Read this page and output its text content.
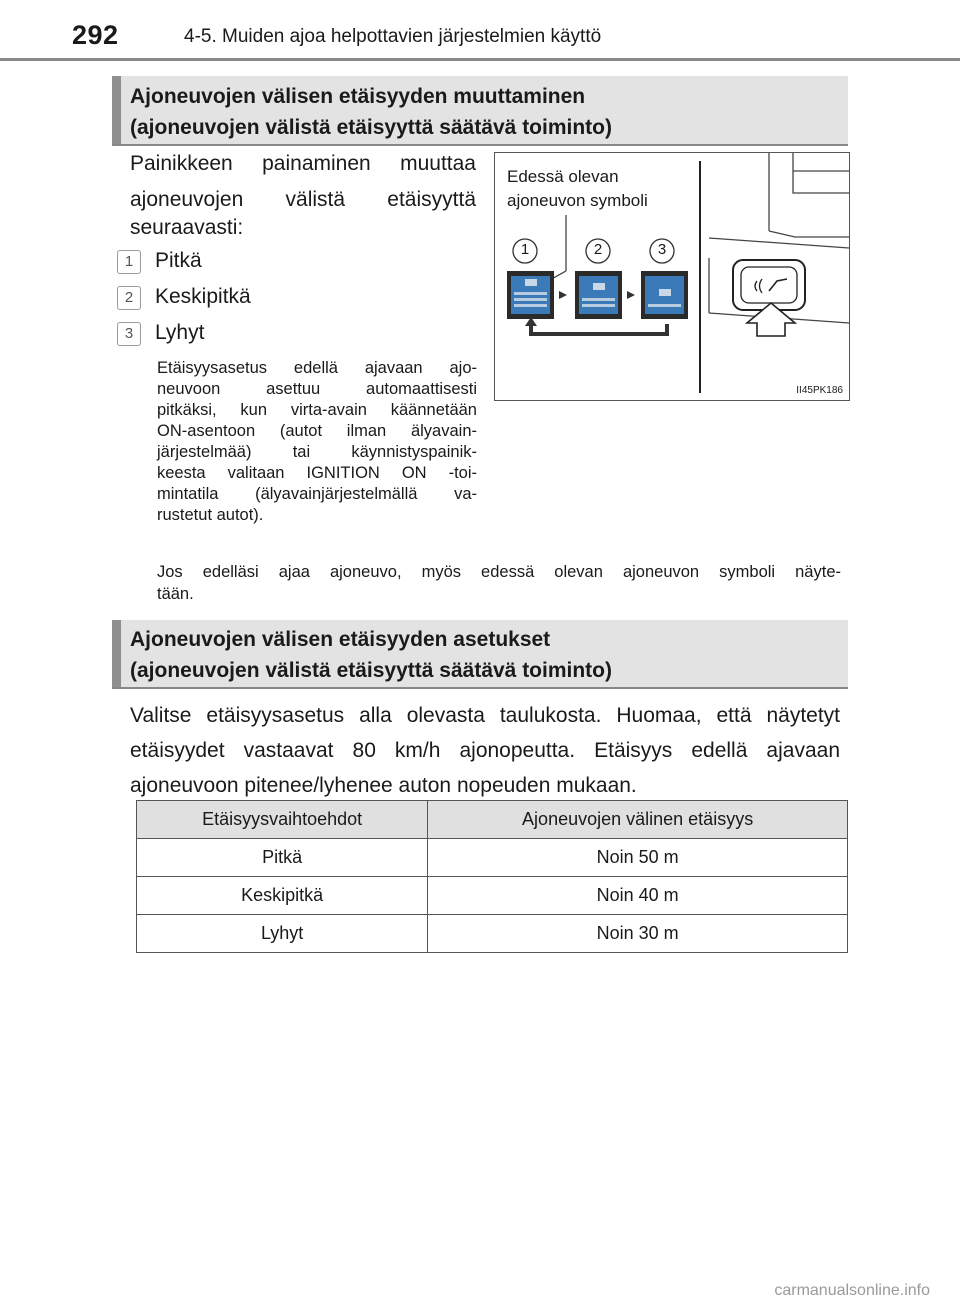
292	4-5. Muiden ajoa helpottavien järjestelmien käyttö
Ajoneuvojen välisen etäisyyden muuttaminen
(ajoneuvojen välistä etäisyyttä säätävä toiminto)
Painikkeen painaminen muuttaa
ajoneuvojen välistä etäisyyttä
seuraavasti:
1	Pitkä
2	Keskipitkä
3	Lyhyt
Etäisyysasetus edellä ajavaan ajo-
neuvoon asettuu automaattisesti
pitkäksi, kun virta-avain käännetään
ON-asentoon (autot ilman älyavain-
järjestelmää) tai käynnistyspainik-
keesta valitaan IGNITION ON -toi-
mintatila (älyavainjärjestelmällä va-
rustetut autot).
Jos edelläsi ajaa ajoneuvo, myös edessä olevan ajoneuvon symboli näyte-
tään.
Edessä olevan
ajoneuvon symboli
1	2	3
II45PK186
Ajoneuvojen välisen etäisyyden asetukset
(ajoneuvojen välistä etäisyyttä säätävä toiminto)
Valitse etäisyysasetus alla olevasta taulukosta. Huomaa, että näytetyt
etäisyydet vastaavat 80 km/h ajonopeutta. Etäisyys edellä ajavaan
ajoneuvoon pitenee/lyhenee auton nopeuden mukaan.
Etäisyysvaihtoehdot	Ajoneuvojen välinen etäisyys
Pitkä	Noin 50 m
Keskipitkä	Noin 40 m
Lyhyt	Noin 30 m
carmanualsonline.info
